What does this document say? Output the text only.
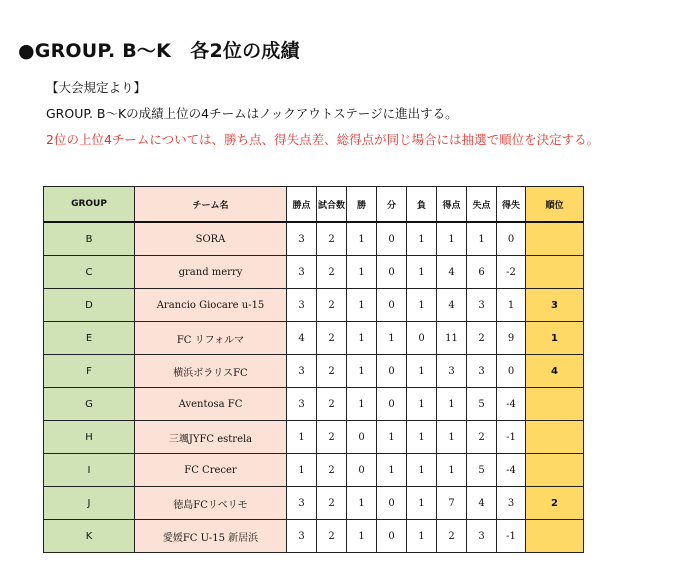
●GROUP. B～K　各2位の成績
【大会規定より】
GROUP. B～Kの成績上位の4チームはノックアウトステージに進出する。
2位の上位4チームについては、勝ち点、得失点差、総得点が同じ場合には抽選で順位を決定する。
GROUP	チーム名	勝点	試合数	勝	分	負	得点	失点	得失	順位
B	SORA	3	2	1	0	1	1	1	0	
C	grand merry	3	2	1	0	1	4	6	-2	
D	Arancio Giocare u-15	3	2	1	0	1	4	3	1	3
E	FC リフォルマ	4	2	1	1	0	11	2	9	1
F	横浜ボラリスFC	3	2	1	0	1	3	3	0	4
G	Aventosa FC	3	2	1	0	1	1	5	-4	
H	三颯JYFC estrela	1	2	0	1	1	1	2	-1	
I	FC Crecer	1	2	0	1	1	1	5	-4	
J	徳島FCリベリモ	3	2	1	0	1	7	4	3	2
K	愛媛FC U-15 新居浜	3	2	1	0	1	2	3	-1	
